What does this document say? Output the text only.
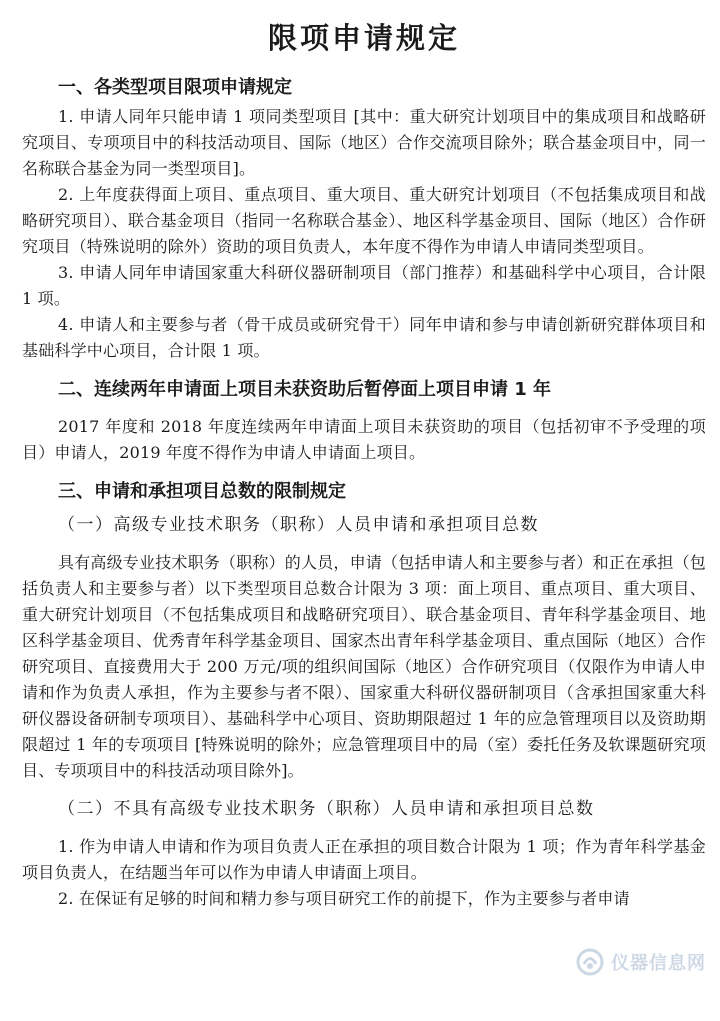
限项申请规定
一、各类型项目限项申请规定

1. 申请人同年只能申请 1 项同类型项目 [其中：重大研究计划项目中的集成项目和战略研究项目、专项项目中的科技活动项目、国际（地区）合作交流项目除外；联合基金项目中，同一名称联合基金为同一类型项目]。

2. 上年度获得面上项目、重点项目、重大项目、重大研究计划项目（不包括集成项目和战略研究项目）、联合基金项目（指同一名称联合基金）、地区科学基金项目、国际（地区）合作研究项目（特殊说明的除外）资助的项目负责人，本年度不得作为申请人申请同类型项目。

3. 申请人同年申请国家重大科研仪器研制项目（部门推荐）和基础科学中心项目，合计限 1 项。

4. 申请人和主要参与者（骨干成员或研究骨干）同年申请和参与申请创新研究群体项目和基础科学中心项目，合计限 1 项。

二、连续两年申请面上项目未获资助后暂停面上项目申请 1 年

2017 年度和 2018 年度连续两年申请面上项目未获资助的项目（包括初审不予受理的项目）申请人，2019 年度不得作为申请人申请面上项目。

三、申请和承担项目总数的限制规定
（一）高级专业技术职务（职称）人员申请和承担项目总数

具有高级专业技术职务（职称）的人员，申请（包括申请人和主要参与者）和正在承担（包括负责人和主要参与者）以下类型项目总数合计限为 3 项：面上项目、重点项目、重大项目、重大研究计划项目（不包括集成项目和战略研究项目）、联合基金项目、青年科学基金项目、地区科学基金项目、优秀青年科学基金项目、国家杰出青年科学基金项目、重点国际（地区）合作研究项目、直接费用大于 200 万元/项的组织间国际（地区）合作研究项目（仅限作为申请人申请和作为负责人承担，作为主要参与者不限）、国家重大科研仪器研制项目（含承担国家重大科研仪器设备研制专项项目）、基础科学中心项目、资助期限超过 1 年的应急管理项目以及资助期限超过 1 年的专项项目 [特殊说明的除外；应急管理项目中的局（室）委托任务及软课题研究项目、专项项目中的科技活动项目除外]。

（二）不具有高级专业技术职务（职称）人员申请和承担项目总数

1. 作为申请人申请和作为项目负责人正在承担的项目数合计限为 1 项；作为青年科学基金项目负责人，在结题当年可以作为申请人申请面上项目。

2. 在保证有足够的时间和精力参与项目研究工作的前提下，作为主要参与者申请

仪器信息网
